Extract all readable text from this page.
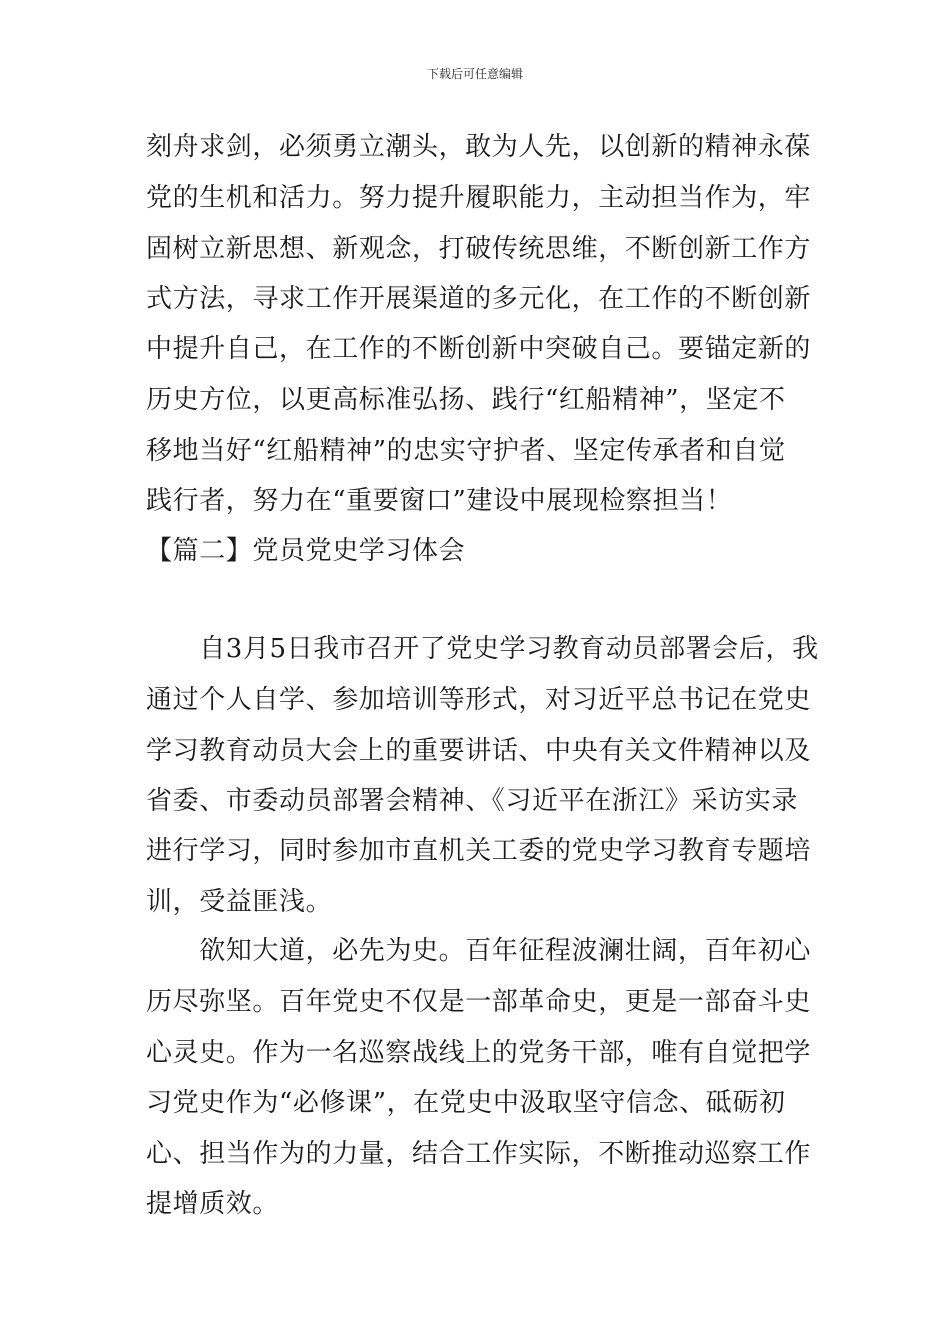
下载后可任意编辑
刻舟求剑，必须勇立潮头，敢为人先，以创新的精神永葆
党的生机和活力。努力提升履职能力，主动担当作为，牢
固树立新思想、新观念，打破传统思维，不断创新工作方
式方法，寻求工作开展渠道的多元化，在工作的不断创新
中提升自己，在工作的不断创新中突破自己。要锚定新的
历史方位，以更高标准弘扬、践行“红船精神”，坚定不
移地当好“红船精神”的忠实守护者、坚定传承者和自觉
践行者，努力在“重要窗口”建设中展现检察担当！
【篇二】党员党史学习体会
　　自3月5日我市召开了党史学习教育动员部署会后，我
通过个人自学、参加培训等形式，对习近平总书记在党史
学习教育动员大会上的重要讲话、中央有关文件精神以及
省委、市委动员部署会精神、《习近平在浙江》采访实录
进行学习，同时参加市直机关工委的党史学习教育专题培
训，受益匪浅。
　　欲知大道，必先为史。百年征程波澜壮阔，百年初心
历尽弥坚。百年党史不仅是一部革命史，更是一部奋斗史
心灵史。作为一名巡察战线上的党务干部，唯有自觉把学
习党史作为“必修课”，在党史中汲取坚守信念、砥砺初
心、担当作为的力量，结合工作实际，不断推动巡察工作
提增质效。
